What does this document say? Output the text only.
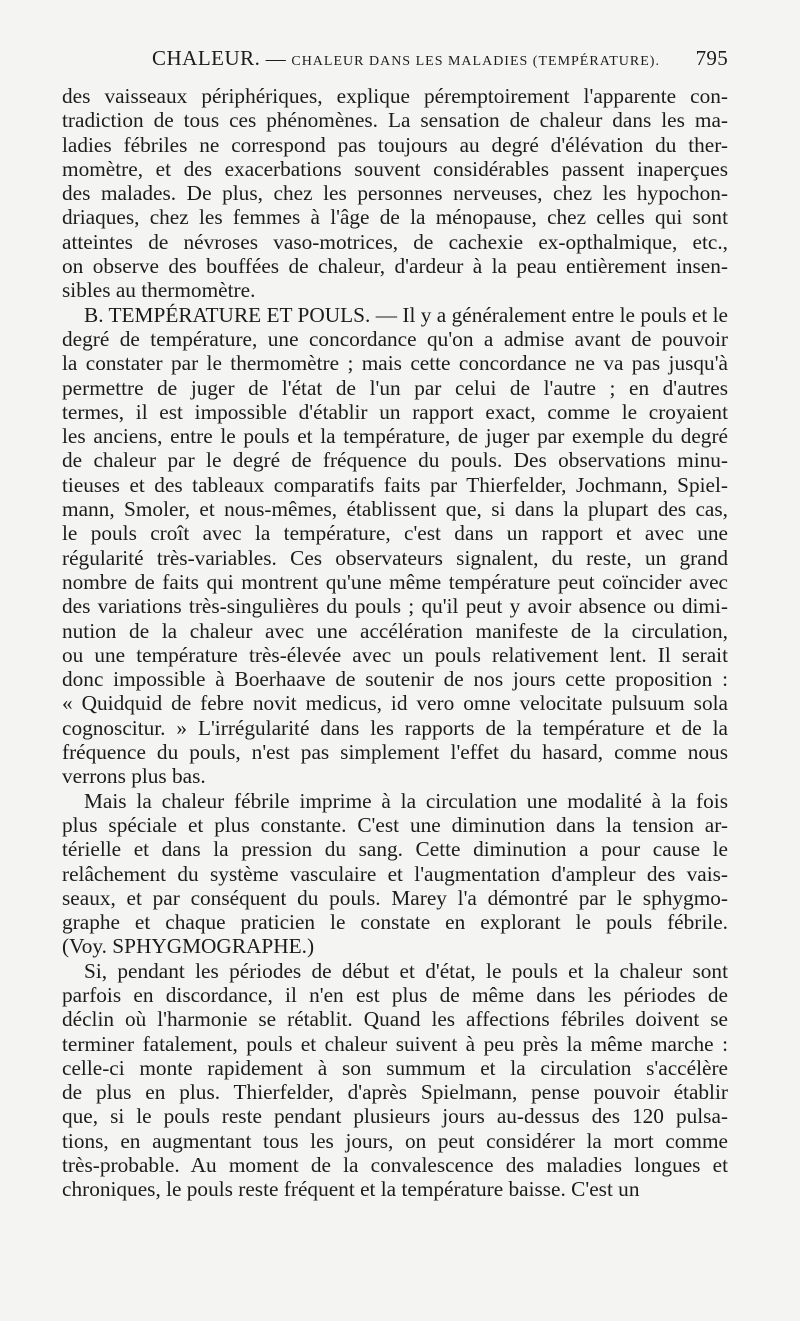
CHALEUR. — CHALEUR DANS LES MALADIES (TEMPÉRATURE). 795
des vaisseaux périphériques, explique péremptoirement l'apparente con-
tradiction de tous ces phénomènes. La sensation de chaleur dans les ma-
ladies fébriles ne correspond pas toujours au degré d'élévation du ther-
momètre, et des exacerbations souvent considérables passent inaperçues
des malades. De plus, chez les personnes nerveuses, chez les hypochon-
driaques, chez les femmes à l'âge de la ménopause, chez celles qui sont
atteintes de névroses vaso-motrices, de cachexie ex-opthalmique, etc.,
on observe des bouffées de chaleur, d'ardeur à la peau entièrement insen-
sibles au thermomètre.
B. TEMPÉRATURE ET POULS. — Il y a généralement entre le pouls et le
degré de température, une concordance qu'on a admise avant de pouvoir
la constater par le thermomètre ; mais cette concordance ne va pas jusqu'à
permettre de juger de l'état de l'un par celui de l'autre ; en d'autres
termes, il est impossible d'établir un rapport exact, comme le croyaient
les anciens, entre le pouls et la température, de juger par exemple du degré
de chaleur par le degré de fréquence du pouls. Des observations minu-
tieuses et des tableaux comparatifs faits par Thierfelder, Jochmann, Spiel-
mann, Smoler, et nous-mêmes, établissent que, si dans la plupart des cas,
le pouls croît avec la température, c'est dans un rapport et avec une
régularité très-variables. Ces observateurs signalent, du reste, un grand
nombre de faits qui montrent qu'une même température peut coïncider avec
des variations très-singulières du pouls ; qu'il peut y avoir absence ou dimi-
nution de la chaleur avec une accélération manifeste de la circulation,
ou une température très-élevée avec un pouls relativement lent. Il serait
donc impossible à Boerhaave de soutenir de nos jours cette proposition :
« Quidquid de febre novit medicus, id vero omne velocitate pulsuum sola
cognoscitur. » L'irrégularité dans les rapports de la température et de la
fréquence du pouls, n'est pas simplement l'effet du hasard, comme nous
verrons plus bas.
Mais la chaleur fébrile imprime à la circulation une modalité à la fois
plus spéciale et plus constante. C'est une diminution dans la tension ar-
térielle et dans la pression du sang. Cette diminution a pour cause le
relâchement du système vasculaire et l'augmentation d'ampleur des vais-
seaux, et par conséquent du pouls. Marey l'a démontré par le sphygmo-
graphe et chaque praticien le constate en explorant le pouls fébrile.
(Voy. SPHYGMOGRAPHE.)
Si, pendant les périodes de début et d'état, le pouls et la chaleur sont
parfois en discordance, il n'en est plus de même dans les périodes de
déclin où l'harmonie se rétablit. Quand les affections fébriles doivent se
terminer fatalement, pouls et chaleur suivent à peu près la même marche :
celle-ci monte rapidement à son summum et la circulation s'accélère
de plus en plus. Thierfelder, d'après Spielmann, pense pouvoir établir
que, si le pouls reste pendant plusieurs jours au-dessus des 120 pulsa-
tions, en augmentant tous les jours, on peut considérer la mort comme
très-probable. Au moment de la convalescence des maladies longues et
chroniques, le pouls reste fréquent et la température baisse. C'est un
